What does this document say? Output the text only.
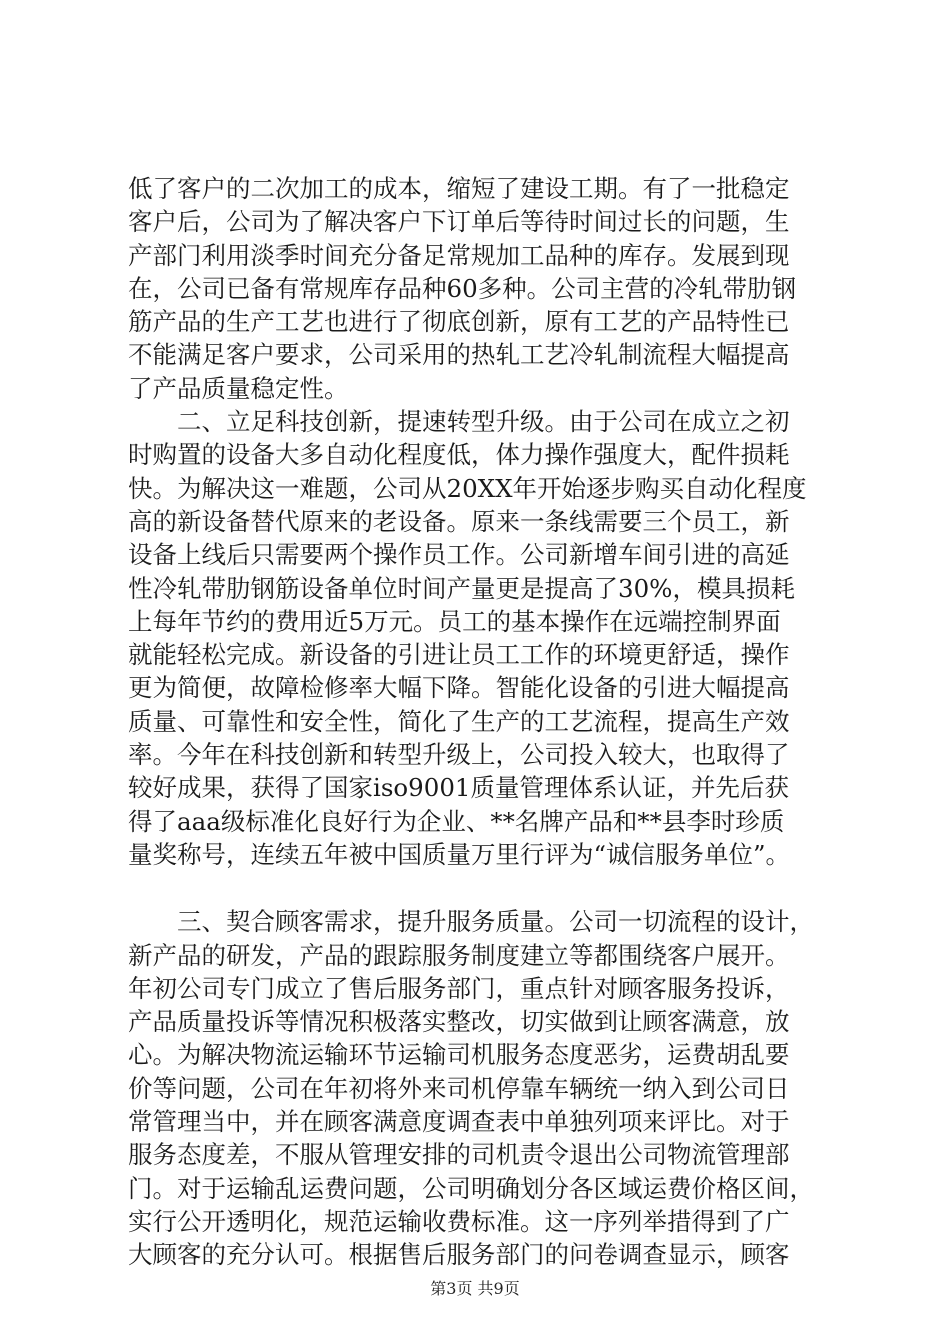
低了客户的二次加工的成本，缩短了建设工期。有了一批稳定
客户后，公司为了解决客户下订单后等待时间过长的问题，生
产部门利用淡季时间充分备足常规加工品种的库存。发展到现
在，公司已备有常规库存品种60多种。公司主营的冷轧带肋钢
筋产品的生产工艺也进行了彻底创新，原有工艺的产品特性已
不能满足客户要求，公司采用的热轧工艺冷轧制流程大幅提高
了产品质量稳定性。
　　二、立足科技创新，提速转型升级。由于公司在成立之初
时购置的设备大多自动化程度低，体力操作强度大，配件损耗
快。为解决这一难题，公司从20XX年开始逐步购买自动化程度
高的新设备替代原来的老设备。原来一条线需要三个员工，新
设备上线后只需要两个操作员工作。公司新增车间引进的高延
性冷轧带肋钢筋设备单位时间产量更是提高了30%，模具损耗
上每年节约的费用近5万元。员工的基本操作在远端控制界面
就能轻松完成。新设备的引进让员工工作的环境更舒适，操作
更为简便，故障检修率大幅下降。智能化设备的引进大幅提高
质量、可靠性和安全性，简化了生产的工艺流程，提高生产效
率。今年在科技创新和转型升级上，公司投入较大，也取得了
较好成果，获得了国家iso9001质量管理体系认证，并先后获
得了aaa级标准化良好行为企业、**名牌产品和**县李时珍质
量奖称号，连续五年被中国质量万里行评为“诚信服务单位”。
　　三、契合顾客需求，提升服务质量。公司一切流程的设计，
新产品的研发，产品的跟踪服务制度建立等都围绕客户展开。
年初公司专门成立了售后服务部门，重点针对顾客服务投诉，
产品质量投诉等情况积极落实整改，切实做到让顾客满意，放
心。为解决物流运输环节运输司机服务态度恶劣，运费胡乱要
价等问题，公司在年初将外来司机停靠车辆统一纳入到公司日
常管理当中，并在顾客满意度调查表中单独列项来评比。对于
服务态度差，不服从管理安排的司机责令退出公司物流管理部
门。对于运输乱运费问题，公司明确划分各区域运费价格区间，
实行公开透明化，规范运输收费标准。这一序列举措得到了广
大顾客的充分认可。根据售后服务部门的问卷调查显示，顾客
第3页 共9页
